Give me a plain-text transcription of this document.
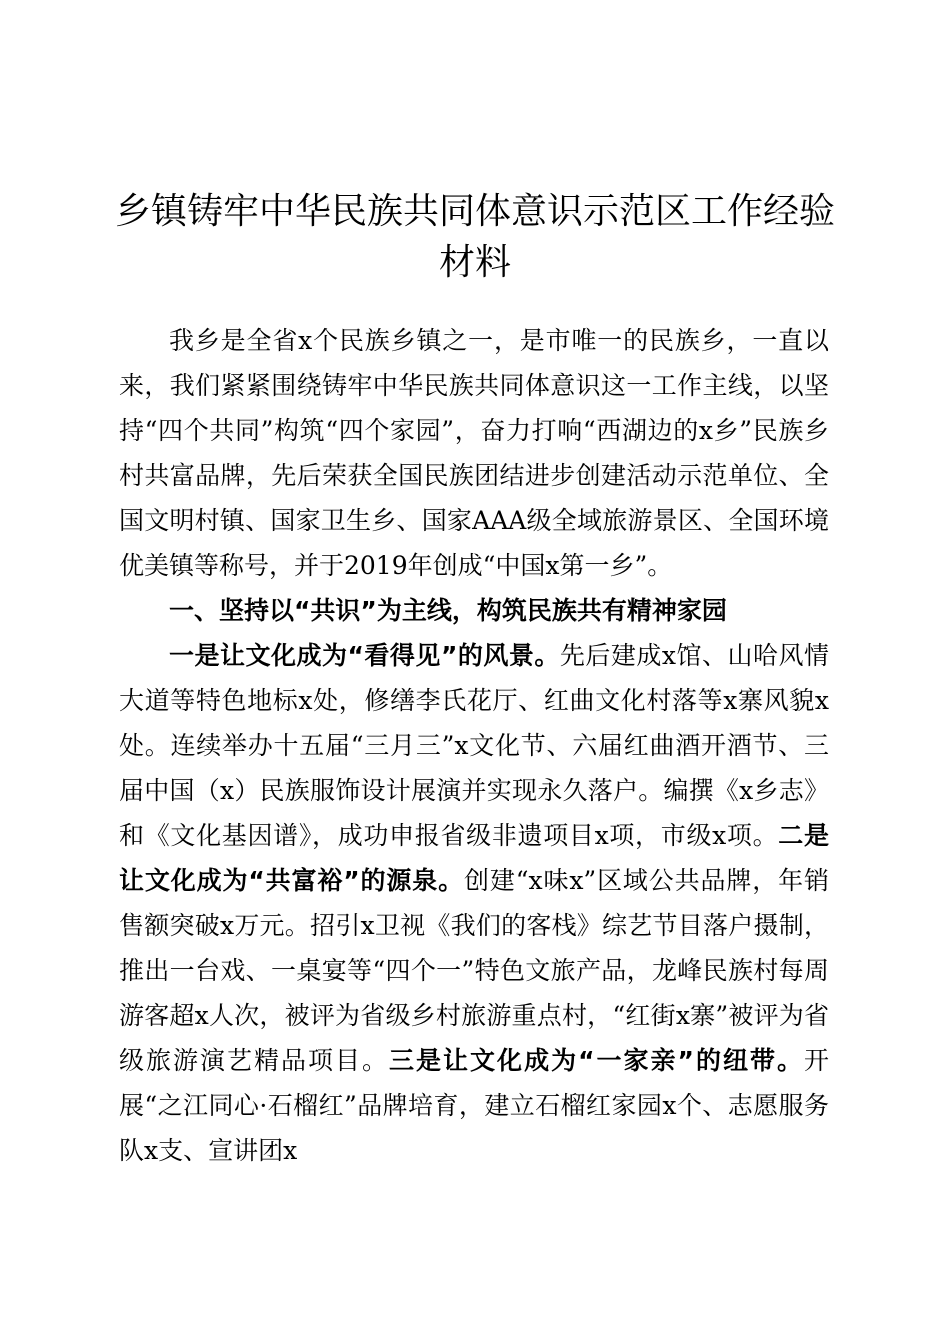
乡镇铸牢中华民族共同体意识示范区工作经验材料

我乡是全省x个民族乡镇之一，是市唯一的民族乡，一直以来，我们紧紧围绕铸牢中华民族共同体意识这一工作主线，以坚持“四个共同”构筑“四个家园”，奋力打响“西湖边的x乡”民族乡村共富品牌，先后荣获全国民族团结进步创建活动示范单位、全国文明村镇、国家卫生乡、国家AAA级全域旅游景区、全国环境优美镇等称号，并于2019年创成“中国x第一乡”。

一、坚持以“共识”为主线，构筑民族共有精神家园

一是让文化成为“看得见”的风景。先后建成x馆、山哈风情大道等特色地标x处，修缮李氏花厅、红曲文化村落等x寨风貌x处。连续举办十五届“三月三”x文化节、六届红曲酒开酒节、三届中国（x）民族服饰设计展演并实现永久落户。编撰《x乡志》和《文化基因谱》，成功申报省级非遗项目x项，市级x项。二是让文化成为“共富裕”的源泉。创建“x味x”区域公共品牌，年销售额突破x万元。招引x卫视《我们的客栈》综艺节目落户摄制，推出一台戏、一桌宴等“四个一”特色文旅产品，龙峰民族村每周游客超x人次，被评为省级乡村旅游重点村，“红街x寨”被评为省级旅游演艺精品项目。三是让文化成为“一家亲”的纽带。开展“之江同心·石榴红”品牌培育，建立石榴红家园x个、志愿服务队x支、宣讲团x
